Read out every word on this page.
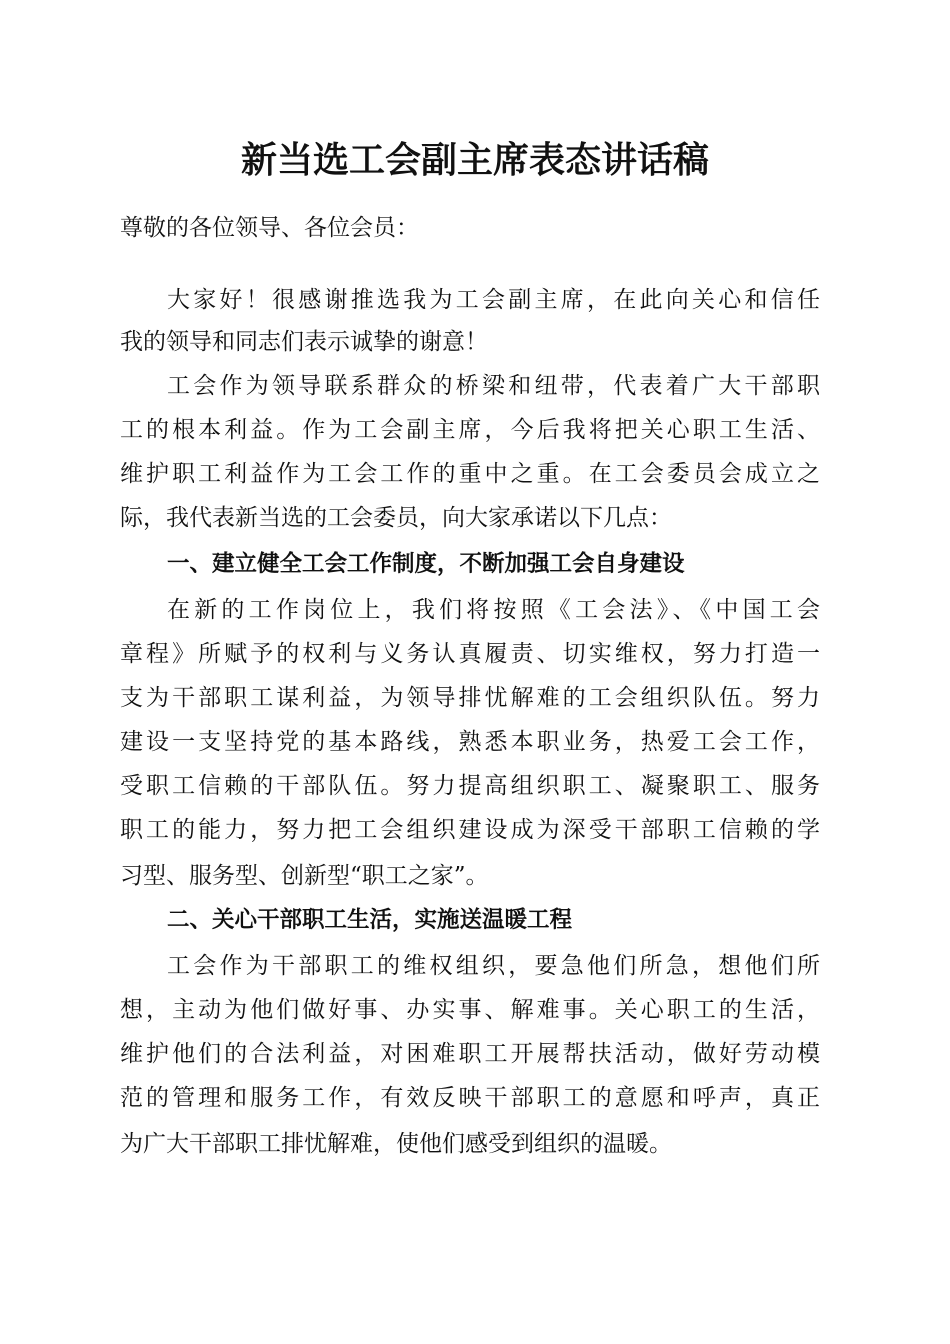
新当选工会副主席表态讲话稿
尊敬的各位领导、各位会员：
大家好！很感谢推选我为工会副主席，在此向关心和信任
我的领导和同志们表示诚挚的谢意！
工会作为领导联系群众的桥梁和纽带，代表着广大干部职
工的根本利益。作为工会副主席，今后我将把关心职工生活、
维护职工利益作为工会工作的重中之重。在工会委员会成立之
际，我代表新当选的工会委员，向大家承诺以下几点：
一、建立健全工会工作制度，不断加强工会自身建设
在新的工作岗位上，我们将按照《工会法》、《中国工会
章程》所赋予的权利与义务认真履责、切实维权，努力打造一
支为干部职工谋利益，为领导排忧解难的工会组织队伍。努力
建设一支坚持党的基本路线，熟悉本职业务，热爱工会工作，
受职工信赖的干部队伍。努力提高组织职工、凝聚职工、服务
职工的能力，努力把工会组织建设成为深受干部职工信赖的学
习型、服务型、创新型“职工之家”。
二、关心干部职工生活，实施送温暖工程
工会作为干部职工的维权组织，要急他们所急，想他们所
想，主动为他们做好事、办实事、解难事。关心职工的生活，
维护他们的合法利益，对困难职工开展帮扶活动，做好劳动模
范的管理和服务工作，有效反映干部职工的意愿和呼声，真正
为广大干部职工排忧解难，使他们感受到组织的温暖。
